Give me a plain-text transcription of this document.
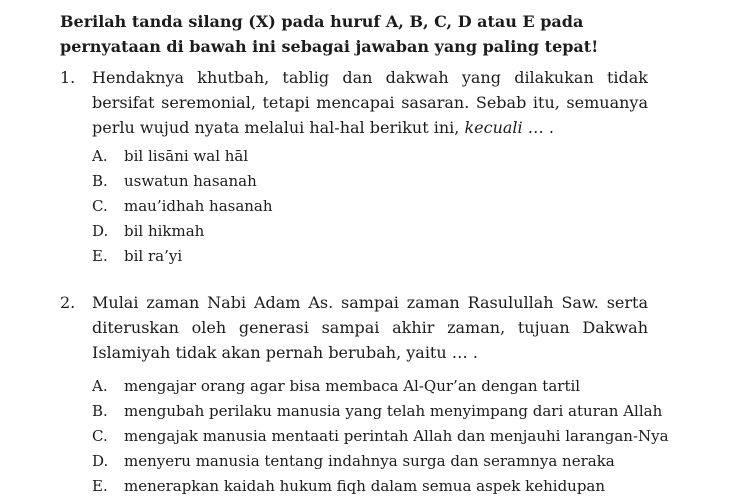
Berilah tanda silang (X) pada huruf A, B, C, D atau E pada pernyataan di bawah ini sebagai jawaban yang paling tepat!
1. Hendaknya khutbah, tablig dan dakwah yang dilakukan tidak bersifat seremonial, tetapi mencapai sasaran. Sebab itu, semuanya perlu wujud nyata melalui hal-hal berikut ini, kecuali … .
A. bil lisāni wal hāl
B. uswatun hasanah
C. mau’idhah hasanah
D. bil hikmah
E. bil ra’yi
2. Mulai zaman Nabi Adam As. sampai zaman Rasulullah Saw. serta diteruskan oleh generasi sampai akhir zaman, tujuan Dakwah Islamiyah tidak akan pernah berubah, yaitu … .
A. mengajar orang agar bisa membaca Al-Qur’an dengan tartil
B. mengubah perilaku manusia yang telah menyimpang dari aturan Allah
C. mengajak manusia mentaati perintah Allah dan menjauhi larangan-Nya
D. menyeru manusia tentang indahnya surga dan seramnya neraka
E. menerapkan kaidah hukum fiqh dalam semua aspek kehidupan
